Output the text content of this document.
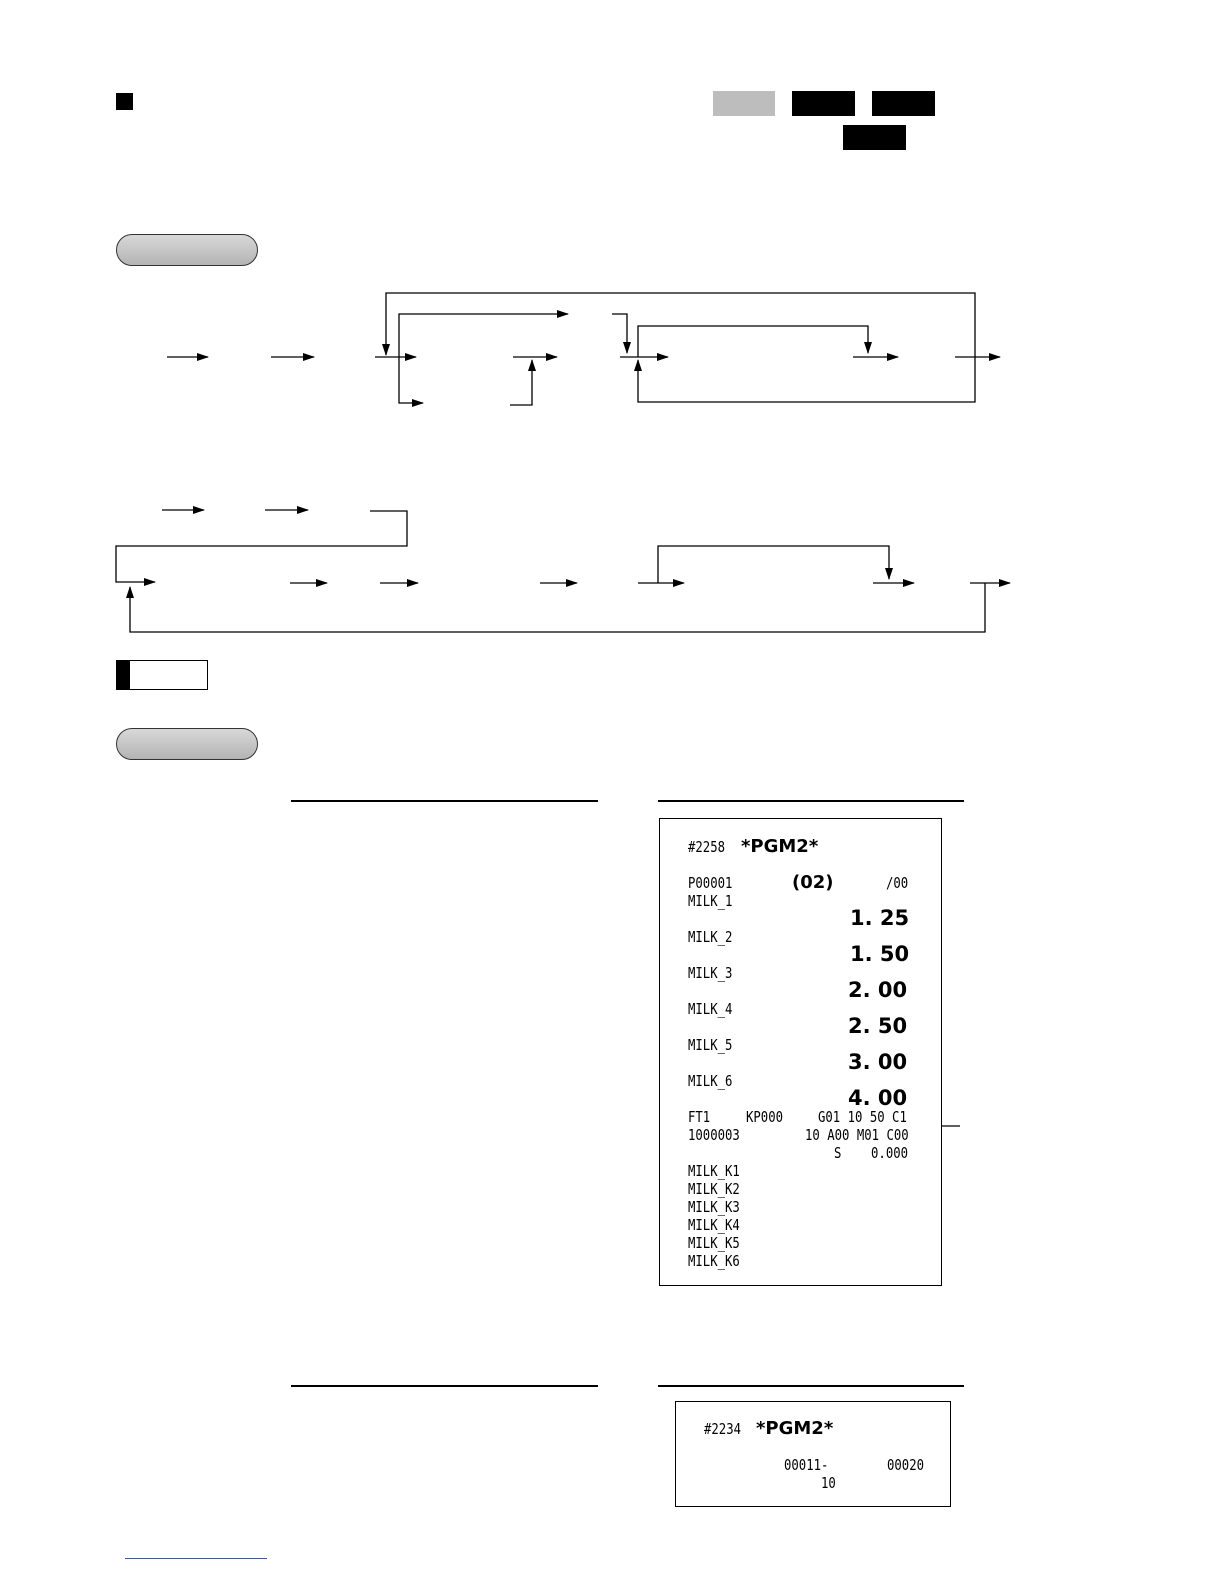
#2258 *PGM2*
P00001	(02)	/00
MILK_1
1. 25
MILK_2
1. 50
MILK_3
2. 00
MILK_4
2. 50
MILK_5
3. 00
MILK_6
4. 00
FT1 KP000 G01 10 50 C1
1000003	10 A00 M01 C00
S    0.000
MILK_K1
MILK_K2
MILK_K3
MILK_K4
MILK_K5
MILK_K6
#2234 *PGM2*
00011-	00020
10
